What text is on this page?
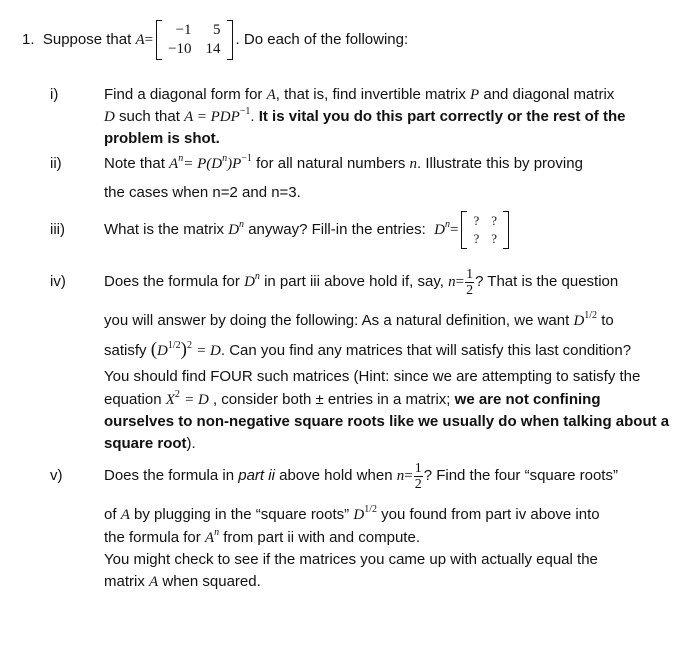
1. Suppose that A=
−1	5
−10 14
. Do each of the following:
i)	Find a diagonal form for A, that is, find invertible matrix P and diagonal matrix
D such that $A = PDP^{-1}$. It is vital you do this part correctly or the rest of the
problem is shot.
ii)	Note that $A^n= P(D^n)P^{-1}$ for all natural numbers n. Illustrate this by proving
the cases when n=2 and n=3.
iii)	What is the matrix $D^n$ anyway? Fill-in the entries: $D^n=$
? ?
? ?
iv)	Does the formula for $D^n$ in part iii above hold if, say, $n= \frac{1}{2}$ ? That is the question
you will answer by doing the following: As a natural definition, we want $D^{1/2}$ to
satisfy $(D^{1/2})^2 = D$. Can you find any matrices that will satisfy this last condition?
You should find FOUR such matrices (Hint: since we are attempting to satisfy the
equation $X^2 = D$ , consider both ± entries in a matrix; we are not confining
ourselves to non-negative square roots like we usually do when talking about a
square root).
v)	Does the formula in part ii above hold when $n= \frac{1}{2}$ ? Find the four “square roots”
of A by plugging in the “square roots” $D^{1/2}$ you found from part iv above into
the formula for $A^n$ from part ii with and compute.
You might check to see if the matrices you came up with actually equal the
matrix A when squared.
